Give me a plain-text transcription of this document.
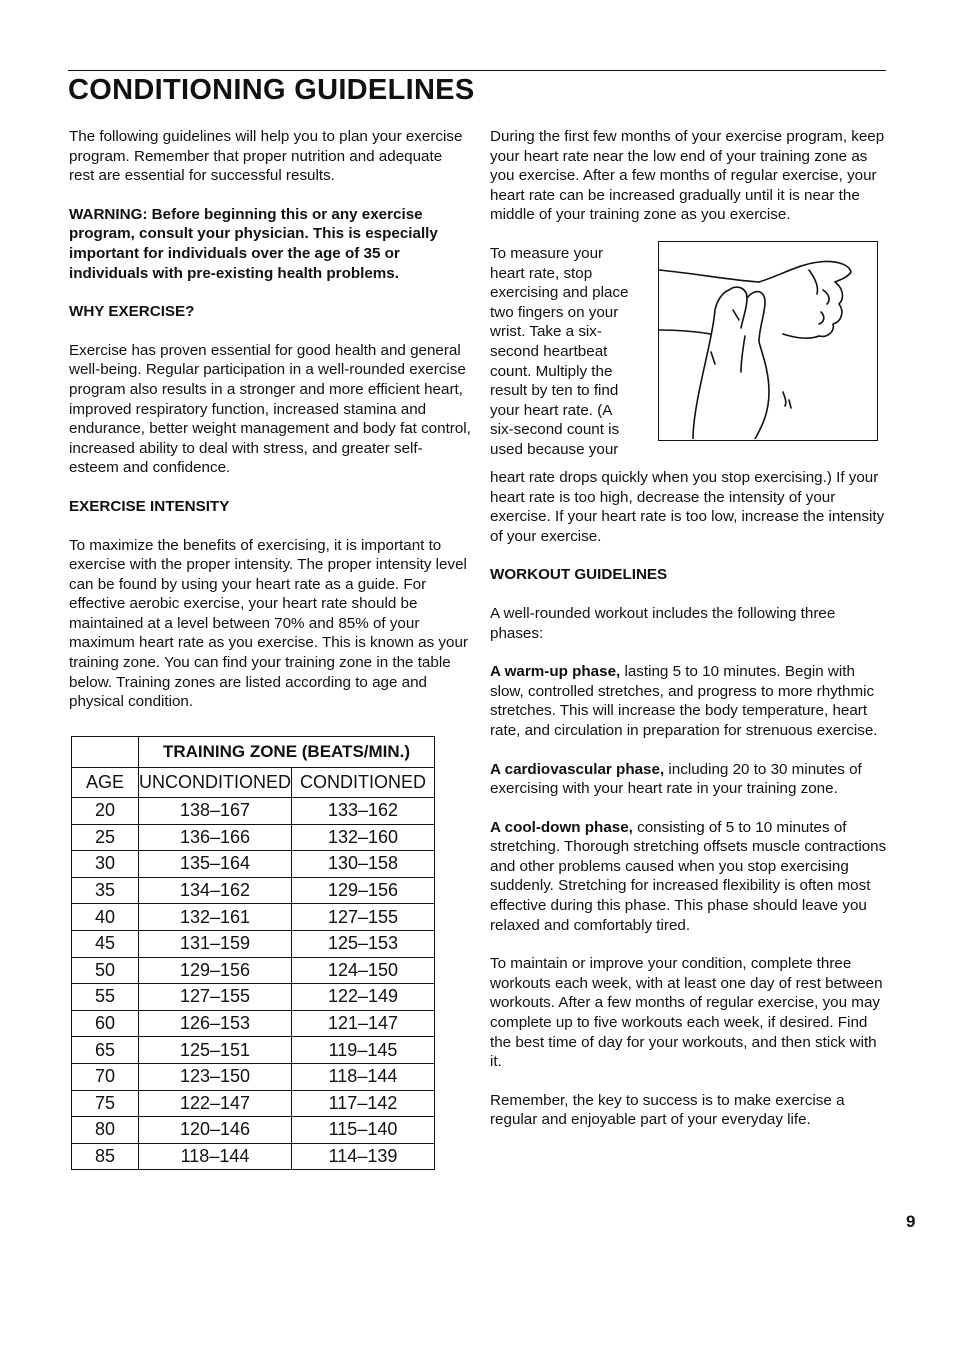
CONDITIONING GUIDELINES

The following guidelines will help you to plan your exercise program. Remember that proper nutrition and adequate rest are essential for successful results.

WARNING: Before beginning this or any exercise program, consult your physician. This is especially important for individuals over the age of 35 or individuals with pre-existing health problems.

WHY EXERCISE?

Exercise has proven essential for good health and general well-being. Regular participation in a well-rounded exercise program also results in a stronger and more efficient heart, improved respiratory function, increased stamina and endurance, better weight management and body fat control, increased ability to deal with stress, and greater self-esteem and confidence.

EXERCISE INTENSITY

To maximize the benefits of exercising, it is important to exercise with the proper intensity. The proper intensity level can be found by using your heart rate as a guide. For effective aerobic exercise, your heart rate should be maintained at a level between 70% and 85% of your maximum heart rate as you exercise. This is known as your training zone. You can find your training zone in the table below. Training zones are listed according to age and physical condition.

	TRAINING ZONE (BEATS/MIN.)	
AGE	UNCONDITIONED	CONDITIONED
20	138–167	133–162
25	136–166	132–160
30	135–164	130–158
35	134–162	129–156
40	132–161	127–155
45	131–159	125–153
50	129–156	124–150
55	127–155	122–149
60	126–153	121–147
65	125–151	119–145
70	123–150	118–144
75	122–147	117–142
80	120–146	115–140
85	118–144	114–139

During the first few months of your exercise program, keep your heart rate near the low end of your training zone as you exercise. After a few months of regular exercise, your heart rate can be increased gradually until it is near the middle of your training zone as you exercise.

To measure your heart rate, stop exercising and place two fingers on your wrist. Take a six-second heartbeat count. Multiply the result by ten to find your heart rate. (A six-second count is used because your

heart rate drops quickly when you stop exercising.) If your heart rate is too high, decrease the intensity of your exercise. If your heart rate is too low, increase the intensity of your exercise.

WORKOUT GUIDELINES

A well-rounded workout includes the following three phases:

A warm-up phase, lasting 5 to 10 minutes. Begin with slow, controlled stretches, and progress to more rhythmic stretches. This will increase the body temperature, heart rate, and circulation in preparation for strenuous exercise.

A cardiovascular phase, including 20 to 30 minutes of exercising with your heart rate in your training zone.

A cool-down phase, consisting of 5 to 10 minutes of stretching. Thorough stretching offsets muscle contractions and other problems caused when you stop exercising suddenly. Stretching for increased flexibility is often most effective during this phase. This phase should leave you relaxed and comfortably tired.

To maintain or improve your condition, complete three workouts each week, with at least one day of rest between workouts. After a few months of regular exercise, you may complete up to five workouts each week, if desired. Find the best time of day for your workouts, and then stick with it.

Remember, the key to success is to make exercise a regular and enjoyable part of your everyday life.

9
